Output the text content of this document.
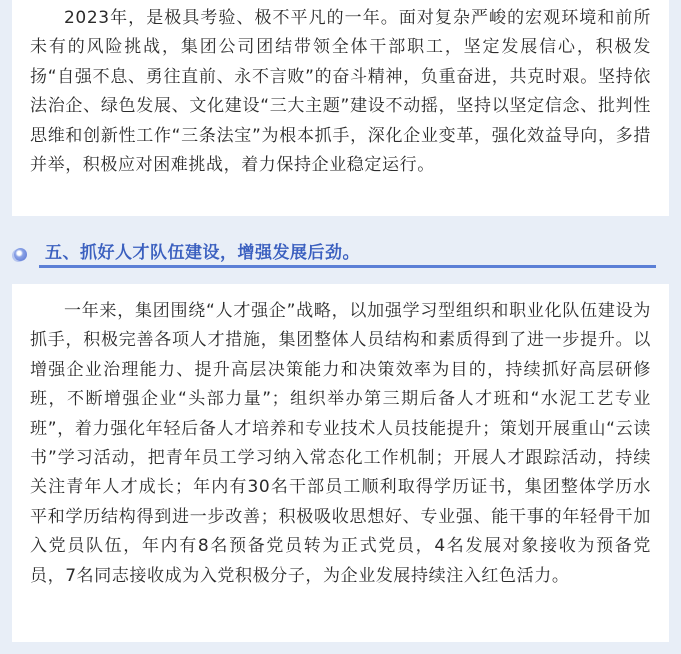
2023年，是极具考验、极不平凡的一年。面对复杂严峻的宏观环境和前所未有的风险挑战，集团公司团结带领全体干部职工，坚定发展信心，积极发扬“自强不息、勇往直前、永不言败”的奋斗精神，负重奋进，共克时艰。坚持依法治企、绿色发展、文化建设“三大主题”建设不动摇，坚持以坚定信念、批判性思维和创新性工作“三条法宝”为根本抓手，深化企业变革，强化效益导向，多措并举，积极应对困难挑战，着力保持企业稳定运行。

五、抓好人才队伍建设，增强发展后劲。

一年来，集团围绕“人才强企”战略，以加强学习型组织和职业化队伍建设为抓手，积极完善各项人才措施，集团整体人员结构和素质得到了进一步提升。以增强企业治理能力、提升高层决策能力和决策效率为目的，持续抓好高层研修班，不断增强企业“头部力量”；组织举办第三期后备人才班和“水泥工艺专业班”，着力强化年轻后备人才培养和专业技术人员技能提升；策划开展重山“云读书”学习活动，把青年员工学习纳入常态化工作机制；开展人才跟踪活动，持续关注青年人才成长；年内有30名干部员工顺利取得学历证书，集团整体学历水平和学历结构得到进一步改善；积极吸收思想好、专业强、能干事的年轻骨干加入党员队伍，年内有8名预备党员转为正式党员，4名发展对象接收为预备党员，7名同志接收成为入党积极分子，为企业发展持续注入红色活力。
